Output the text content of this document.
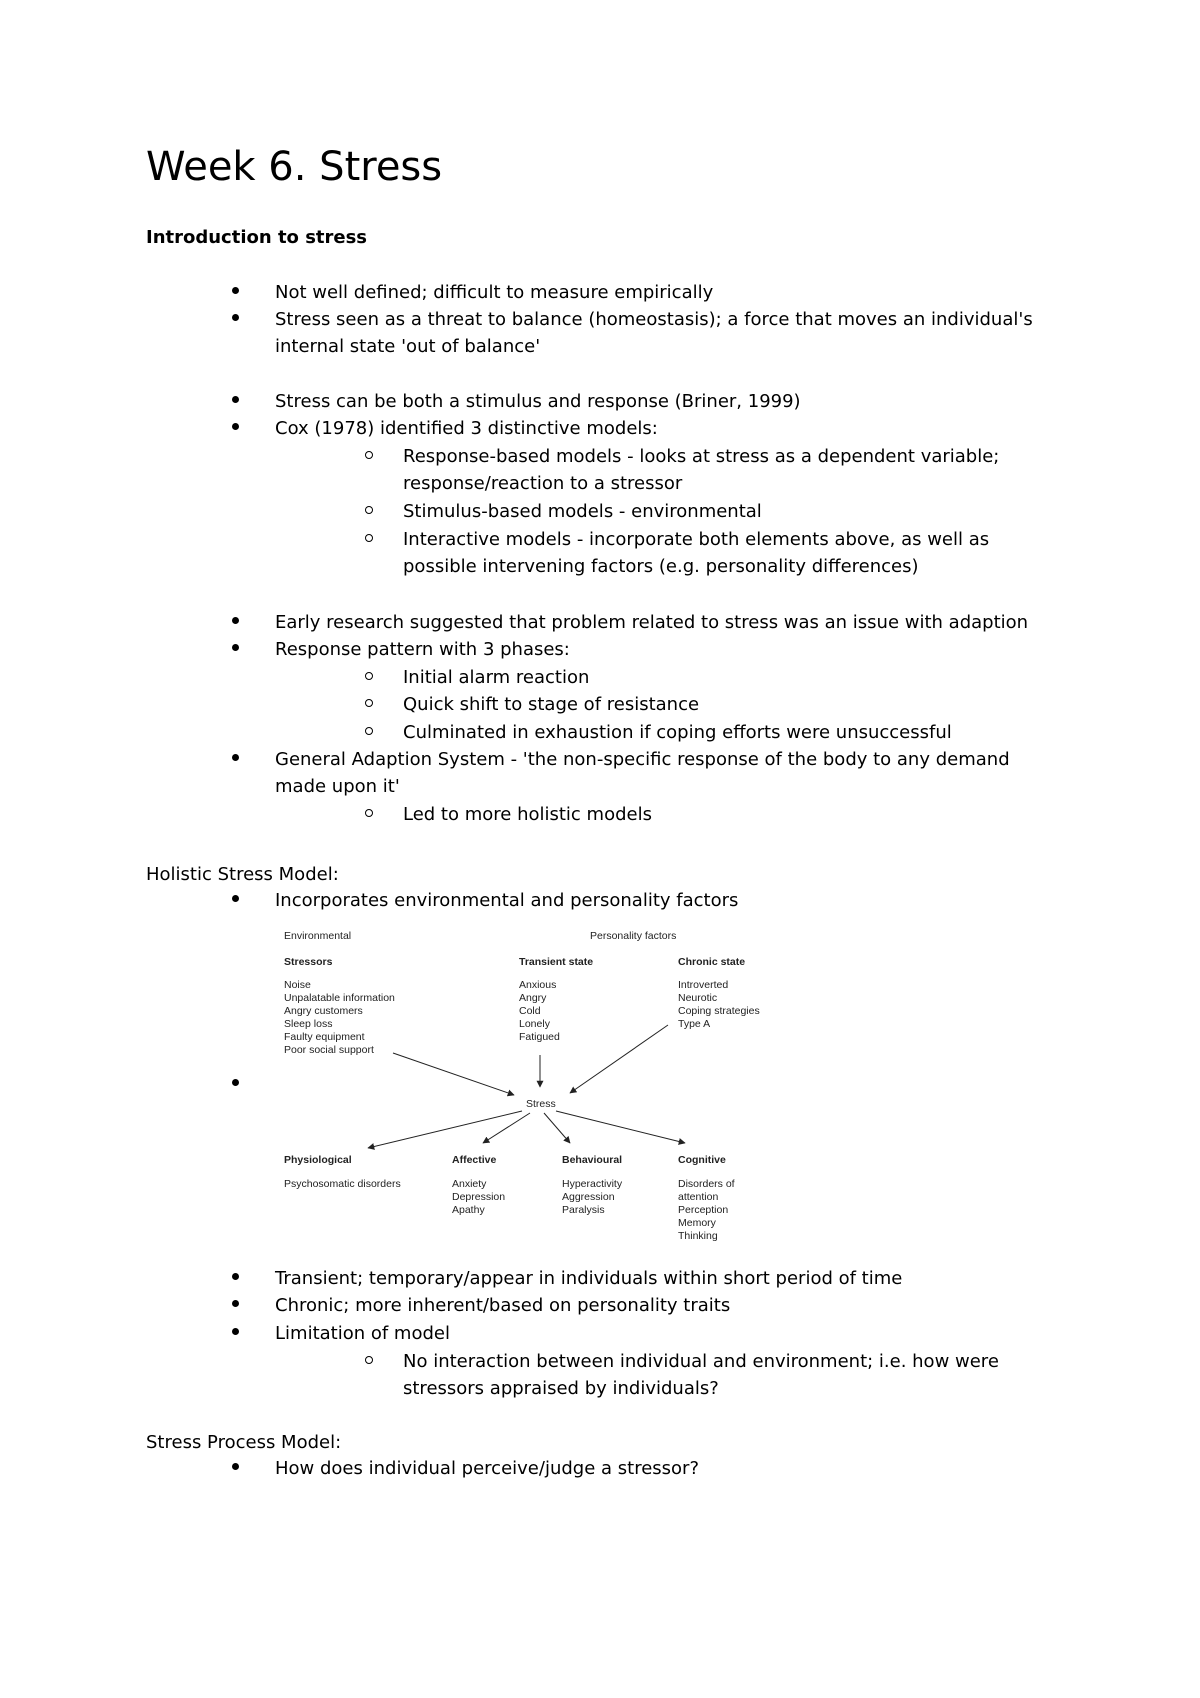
Week 6. Stress
Introduction to stress
Not well defined; difficult to measure empirically
Stress seen as a threat to balance (homeostasis); a force that moves an individual's
internal state 'out of balance'
Stress can be both a stimulus and response (Briner, 1999)
Cox (1978) identified 3 distinctive models:
Response-based models - looks at stress as a dependent variable;
response/reaction to a stressor
Stimulus-based models - environmental
Interactive models - incorporate both elements above, as well as
possible intervening factors (e.g. personality differences)
Early research suggested that problem related to stress was an issue with adaption
Response pattern with 3 phases:
Initial alarm reaction
Quick shift to stage of resistance
Culminated in exhaustion if coping efforts were unsuccessful
General Adaption System - 'the non-specific response of the body to any demand
made upon it'
Led to more holistic models
Holistic Stress Model:
Incorporates environmental and personality factors
Environmental	Personality factors
Stressors
Noise
Unpalatable information
Angry customers
Sleep loss
Faulty equipment
Poor social support
Transient state
Anxious
Angry
Cold
Lonely
Fatigued
Chronic state
Introverted
Neurotic
Coping strategies
Type A
Stress
Physiological
Psychosomatic disorders
Affective
Anxiety
Depression
Apathy
Behavioural
Hyperactivity
Aggression
Paralysis
Cognitive
Disorders of
attention
Perception
Memory
Thinking
Transient; temporary/appear in individuals within short period of time
Chronic; more inherent/based on personality traits
Limitation of model
No interaction between individual and environment; i.e. how were
stressors appraised by individuals?
Stress Process Model:
How does individual perceive/judge a stressor?
